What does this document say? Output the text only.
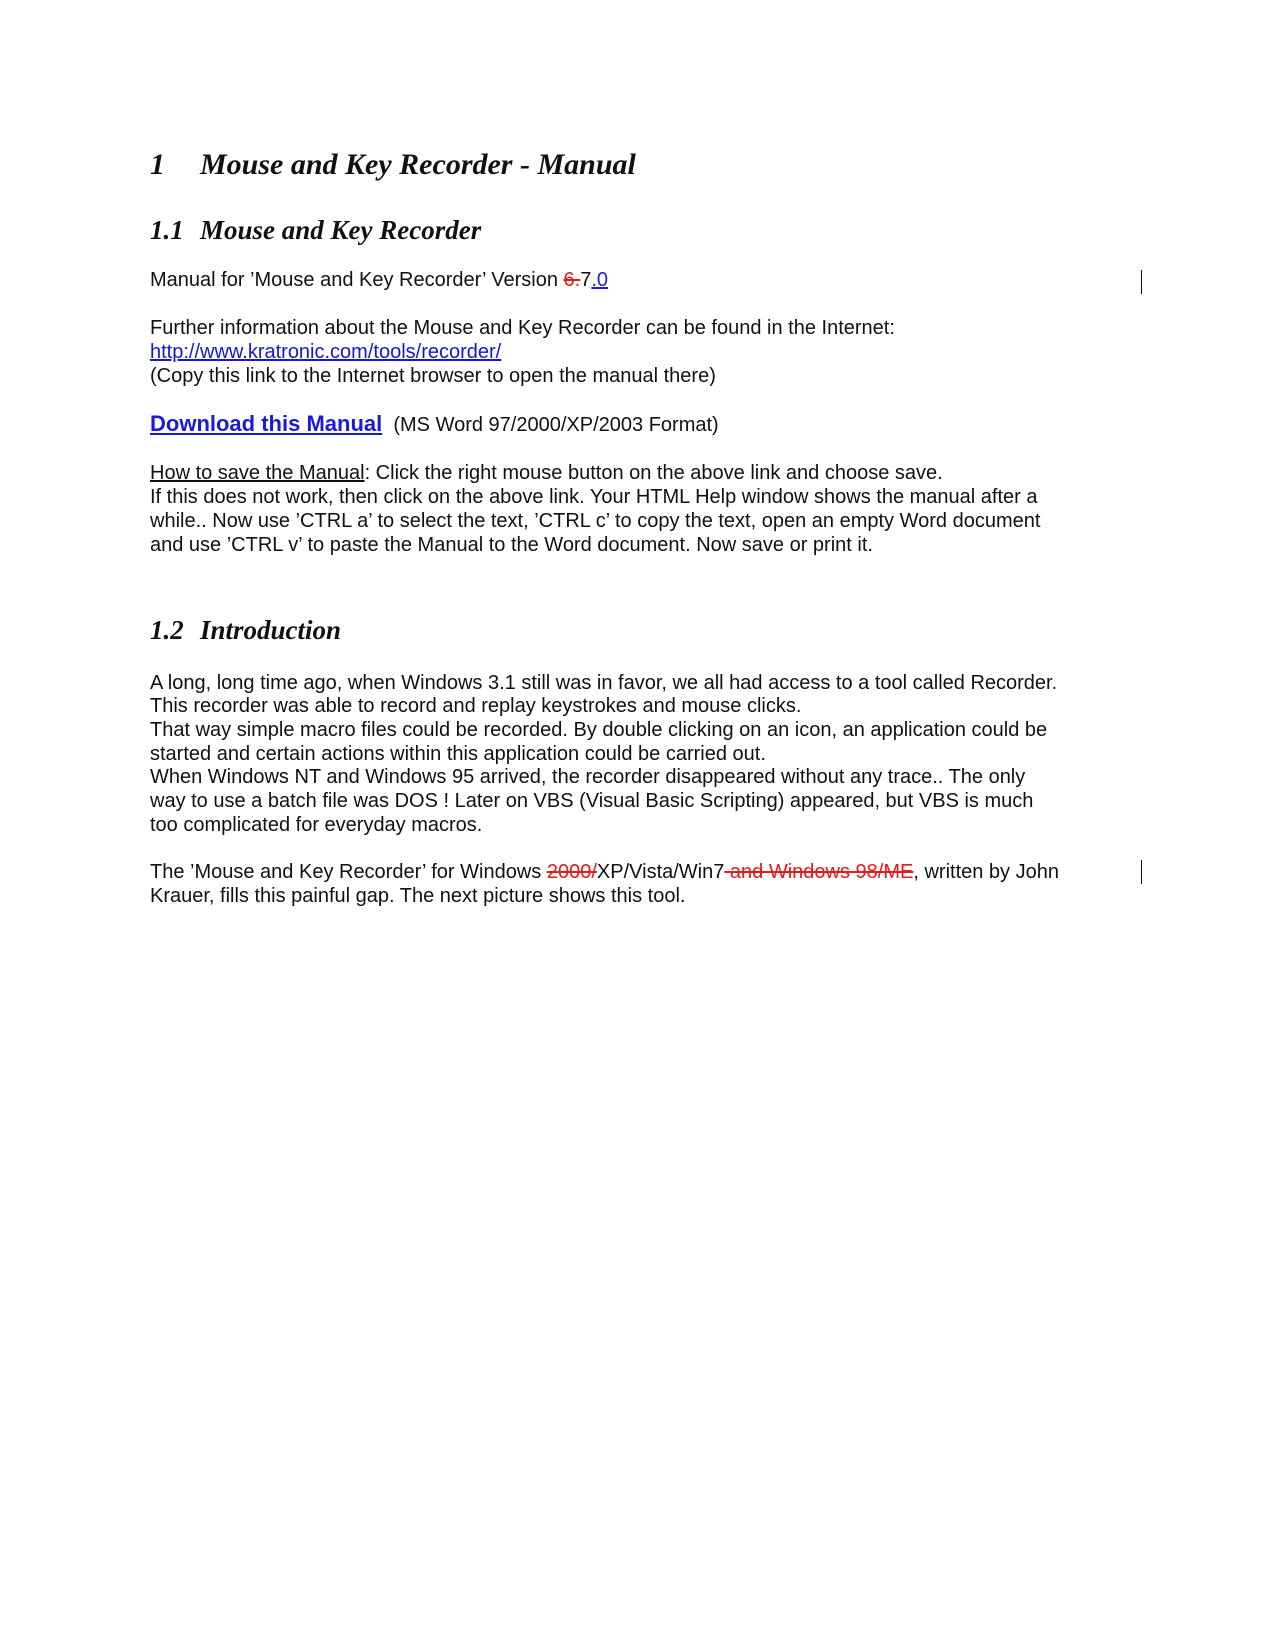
1 Mouse and Key Recorder - Manual
1.1 Mouse and Key Recorder
Manual for ’Mouse and Key Recorder’ Version 6.7.0
Further information about the Mouse and Key Recorder can be found in the Internet:
http://www.kratronic.com/tools/recorder/
(Copy this link to the Internet browser to open the manual there)
Download this Manual (MS Word 97/2000/XP/2003 Format)
How to save the Manual: Click the right mouse button on the above link and choose save.
If this does not work, then click on the above link. Your HTML Help window shows the manual after a
while.. Now use ’CTRL a’ to select the text, ’CTRL c’ to copy the text, open an empty Word document
and use ’CTRL v’ to paste the Manual to the Word document. Now save or print it.
1.2 Introduction
A long, long time ago, when Windows 3.1 still was in favor, we all had access to a tool called Recorder.
This recorder was able to record and replay keystrokes and mouse clicks.
That way simple macro files could be recorded. By double clicking on an icon, an application could be
started and certain actions within this application could be carried out.
When Windows NT and Windows 95 arrived, the recorder disappeared without any trace.. The only
way to use a batch file was DOS ! Later on VBS (Visual Basic Scripting) appeared, but VBS is much
too complicated for everyday macros.
The ’Mouse and Key Recorder’ for Windows 2000/XP/Vista/Win7 and Windows 98/ME, written by John
Krauer, fills this painful gap. The next picture shows this tool.
